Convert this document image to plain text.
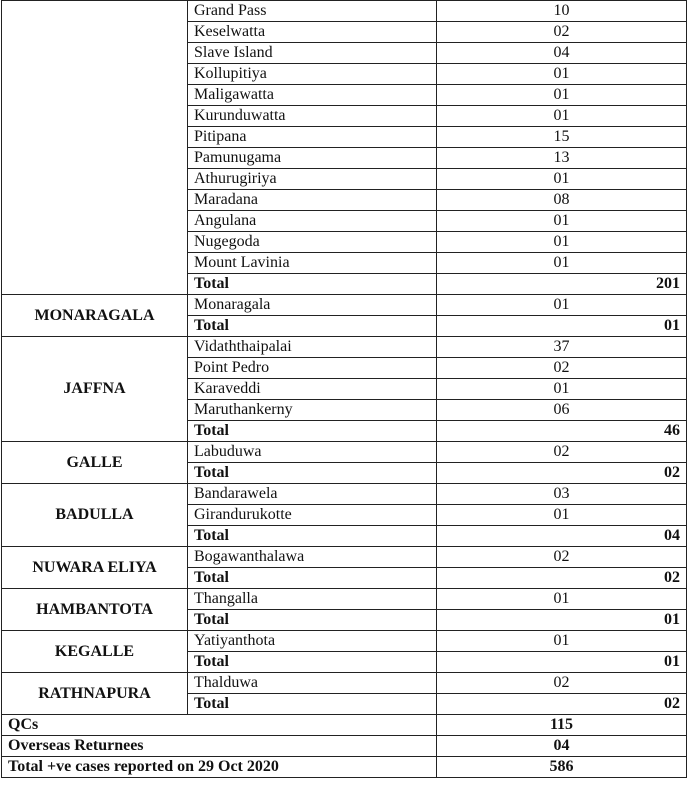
	Grand Pass	10
	Keselwatta	02
	Slave Island	04
	Kollupitiya	01
	Maligawatta	01
	Kurunduwatta	01
	Pitipana	15
	Pamunugama	13
	Athurugiriya	01
	Maradana	08
	Angulana	01
	Nugegoda	01
	Mount Lavinia	01
	Total	201
MONARAGALA	Monaragala	01
	Total	01
JAFFNA	Vidaththaipalai	37
	Point Pedro	02
	Karaveddi	01
	Maruthankerny	06
	Total	46
GALLE	Labuduwa	02
	Total	02
BADULLA	Bandarawela	03
	Girandurukotte	01
	Total	04
NUWARA ELIYA	Bogawanthalawa	02
	Total	02
HAMBANTOTA	Thangalla	01
	Total	01
KEGALLE	Yatiyanthota	01
	Total	01
RATHNAPURA	Thalduwa	02
	Total	02
QCs		115
Overseas Returnees		04
Total +ve cases reported on 29 Oct 2020		586
